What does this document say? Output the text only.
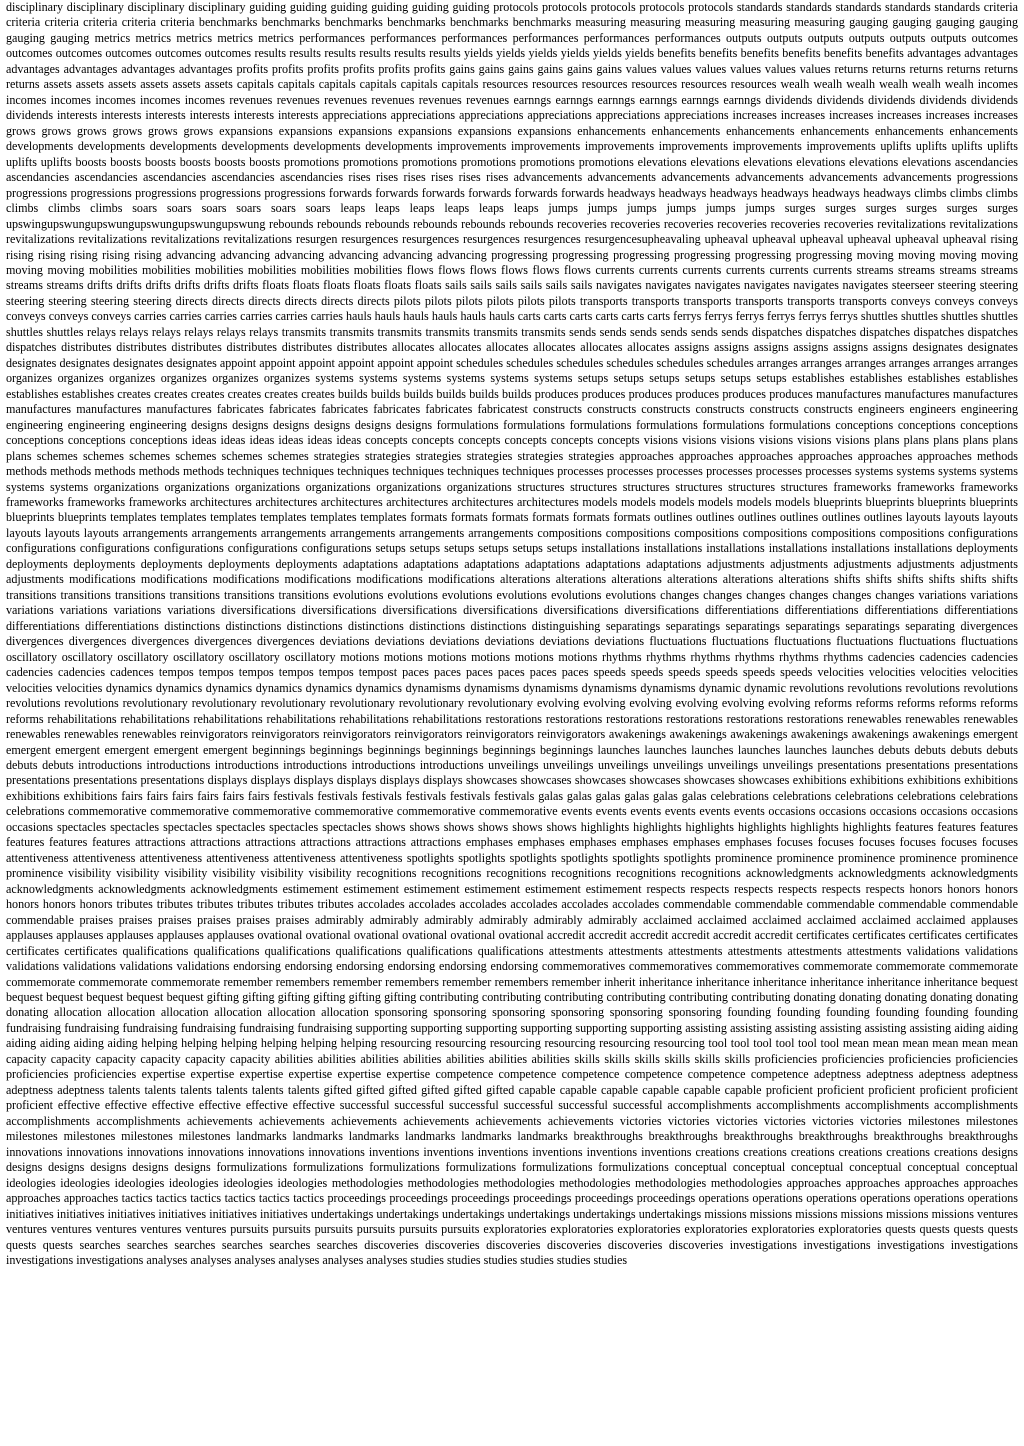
disciplinary disciplinary disciplinary disciplinary guiding guiding guiding guiding guiding guiding protocols protocols protocols protocols protocols standards standards standards standards standards criteria criteria criteria criteria criteria criteria benchmarks benchmarks benchmarks benchmarks benchmarks benchmarks measuring measuring measuring measuring measuring gauging gauging gauging gauging gauging gauging metrics metrics metrics metrics metrics performances performances performances performances performances performances outputs outputs outputs outputs outputs outputs outcomes outcomes outcomes outcomes outcomes outcomes results results results results results results yields yields yields yields yields yields benefits benefits benefits benefits benefits benefits advantages advantages advantages advantages advantages advantages profits profits profits profits profits profits gains gains gains gains gains gains values values values values values values returns returns returns returns returns returns assets assets assets assets assets assets capitals capitals capitals capitals capitals capitals resources resources resources resources resources resources wealh wealh wealh wealh wealh wealh incomes incomes incomes incomes incomes incomes revenues revenues revenues revenues revenues revenues earnngs earnngs earnngs earnngs earnngs earnngs dividends dividends dividends dividends dividends dividends interests interests interests interests interests interests appreciations appreciations appreciations appreciations appreciations appreciations increases increases increases increases increases increases grows grows grows grows grows grows expansions expansions expansions expansions expansions expansions enhancements enhancements enhancements enhancements enhancements enhancements developments developments developments developments developments developments improvements improvements improvements improvements improvements improvements uplifts uplifts uplifts uplifts uplifts uplifts boosts boosts boosts boosts boosts boosts promotions promotions promotions promotions promotions promotions elevations elevations elevations elevations elevations elevations ascendancies ascendancies ascendancies ascendancies ascendancies ascendancies rises rises rises rises rises rises advancements advancements advancements advancements advancements advancements progressions progressions progressions progressions progressions progressions forwards forwards forwards forwards forwards forwards headways headways headways headways headways headways climbs climbs climbs climbs climbs climbs soars soars soars soars soars soars leaps leaps leaps leaps leaps leaps jumps jumps jumps jumps jumps jumps surges surges surges surges surges surges upswingupswungupswungupswungupswungupswung rebounds rebounds rebounds rebounds rebounds rebounds recoveries recoveries recoveries recoveries recoveries recoveries revitalizations revitalizations revitalizations revitalizations revitalizations revitalizations resurgen resurgences resurgences resurgences resurgences resurgencesupheavaling upheaval upheaval upheaval upheaval upheaval upheaval rising rising rising rising rising rising advancing advancing advancing advancing advancing advancing progressing progressing progressing progressing progressing progressing moving moving moving moving moving moving mobilities mobilities mobilities mobilities mobilities mobilities flows flows flows flows flows flows currents currents currents currents currents currents streams streams streams streams streams streams drifts drifts drifts drifts drifts drifts floats floats floats floats floats floats sails sails sails sails sails sails navigates navigates navigates navigates navigates navigates steerseer steering steering steering steering steering steering directs directs directs directs directs directs pilots pilots pilots pilots pilots pilots transports transports transports transports transports transports conveys conveys conveys conveys conveys conveys carries carries carries carries carries carries hauls hauls hauls hauls hauls hauls carts carts carts carts carts carts ferrys ferrys ferrys ferrys ferrys ferrys shuttles shuttles shuttles shuttles shuttles shuttles relays relays relays relays relays relays transmits transmits transmits transmits transmits transmits sends sends sends sends sends sends dispatches dispatches dispatches dispatches dispatches dispatches distributes distributes distributes distributes distributes distributes allocates allocates allocates allocates allocates allocates assigns assigns assigns assigns assigns assigns designates designates designates designates designates designates appoint appoint appoint appoint appoint appoint schedules schedules schedules schedules schedules schedules arranges arranges arranges arranges arranges arranges organizes organizes organizes organizes organizes organizes systems systems systems systems systems systems setups setups setups setups setups setups establishes establishes establishes establishes establishes establishes creates creates creates creates creates creates builds builds builds builds builds builds produces produces produces produces produces produces manufactures manufactures manufactures manufactures manufactures manufactures fabricates fabricates fabricates fabricates fabricates fabricatest constructs constructs constructs constructs constructs constructs engineers engineers engineering engineering engineering engineering designs designs designs designs designs designs formulations formulations formulations formulations formulations formulations conceptions conceptions conceptions conceptions conceptions conceptions ideas ideas ideas ideas ideas ideas concepts concepts concepts concepts concepts concepts visions visions visions visions visions visions plans plans plans plans plans plans schemes schemes schemes schemes schemes schemes strategies strategies strategies strategies strategies strategies approaches approaches approaches approaches approaches approaches methods methods methods methods methods methods techniques techniques techniques techniques techniques techniques processes processes processes processes processes processes systems systems systems systems systems systems organizations organizations organizations organizations organizations organizations structures structures structures structures structures structures frameworks frameworks frameworks frameworks frameworks frameworks architectures architectures architectures architectures architectures architectures models models models models models models blueprints blueprints blueprints blueprints blueprints blueprints templates templates templates templates templates templates formats formats formats formats formats formats outlines outlines outlines outlines outlines outlines layouts layouts layouts layouts layouts layouts arrangements arrangements arrangements arrangements arrangements arrangements compositions compositions compositions compositions compositions compositions configurations configurations configurations configurations configurations configurations setups setups setups setups setups setups installations installations installations installations installations installations deployments deployments deployments deployments deployments deployments adaptations adaptations adaptations adaptations adaptations adaptations adjustments adjustments adjustments adjustments adjustments adjustments modifications modifications modifications modifications modifications modifications alterations alterations alterations alterations alterations alterations shifts shifts shifts shifts shifts shifts transitions transitions transitions transitions transitions transitions evolutions evolutions evolutions evolutions evolutions evolutions changes changes changes changes changes changes variations variations variations variations variations variations diversifications diversifications diversifications diversifications diversifications diversifications differentiations differentiations differentiations differentiations differentiations differentiations distinctions distinctions distinctions distinctions distinctions distinctions distinguishing separatings separatings separatings separatings separatings separating divergences divergences divergences divergences divergences divergences deviations deviations deviations deviations deviations deviations fluctuations fluctuations fluctuations fluctuations fluctuations fluctuations oscillatory oscillatory oscillatory oscillatory oscillatory oscillatory motions motions motions motions motions motions rhythms rhythms rhythms rhythms rhythms rhythms cadencies cadencies cadencies cadencies cadencies cadences tempos tempos tempos tempos tempos tempost paces paces paces paces paces paces speeds speeds speeds speeds speeds speeds velocities velocities velocities velocities velocities velocities dynamics dynamics dynamics dynamics dynamics dynamics dynamisms dynamisms dynamisms dynamisms dynamisms dynamic dynamic revolutions revolutions revolutions revolutions revolutions revolutions revolutionary revolutionary revolutionary revolutionary revolutionary revolutionary evolving evolving evolving evolving evolving evolving reforms reforms reforms reforms reforms reforms rehabilitations rehabilitations rehabilitations rehabilitations rehabilitations rehabilitations restorations restorations restorations restorations restorations restorations renewables renewables renewables renewables renewables renewables reinvigorators reinvigorators reinvigorators reinvigorators reinvigorators reinvigorators awakenings awakenings awakenings awakenings awakenings awakenings emergent emergent emergent emergent emergent emergent beginnings beginnings beginnings beginnings beginnings beginnings launches launches launches launches launches launches debuts debuts debuts debuts debuts debuts introductions introductions introductions introductions introductions introductions unveilings unveilings unveilings unveilings unveilings unveilings presentations presentations presentations presentations presentations presentations displays displays displays displays displays displays showcases showcases showcases showcases showcases showcases exhibitions exhibitions exhibitions exhibitions exhibitions exhibitions fairs fairs fairs fairs fairs fairs festivals festivals festivals festivals festivals festivals galas galas galas galas galas galas celebrations celebrations celebrations celebrations celebrations celebrations commemorative commemorative commemorative commemorative commemorative commemorative events events events events events events occasions occasions occasions occasions occasions occasions spectacles spectacles spectacles spectacles spectacles spectacles shows shows shows shows shows shows highlights highlights highlights highlights highlights highlights features features features features features features attractions attractions attractions attractions attractions attractions emphases emphases emphases emphases emphases emphases focuses focuses focuses focuses focuses focuses attentiveness attentiveness attentiveness attentiveness attentiveness attentiveness spotlights spotlights spotlights spotlights spotlights spotlights prominence prominence prominence prominence prominence prominence visibility visibility visibility visibility visibility visibility recognitions recognitions recognitions recognitions recognitions recognitions acknowledgments acknowledgments acknowledgments acknowledgments acknowledgments acknowledgments estimement estimement estimement estimement estimement estimement respects respects respects respects respects respects honors honors honors honors honors honors tributes tributes tributes tributes tributes tributes accolades accolades accolades accolades accolades accolades commendable commendable commendable commendable commendable commendable praises praises praises praises praises praises admirably admirably admirably admirably admirably admirably acclaimed acclaimed acclaimed acclaimed acclaimed acclaimed applauses applauses applauses applauses applauses applauses ovational ovational ovational ovational ovational ovational accredit accredit accredit accredit accredit accredit certificates certificates certificates certificates certificates certificates qualifications qualifications qualifications qualifications qualifications qualifications attestments attestments attestments attestments attestments attestments validations validations validations validations validations validations endorsing endorsing endorsing endorsing endorsing endorsing commemoratives commemoratives commemoratives commemorate commemorate commemorate commemorate commemorate commemorate remember remembers remember remembers remember remembers remember inherit inheritance inheritance inheritance inheritance inheritance inheritance bequest bequest bequest bequest bequest bequest gifting gifting gifting gifting gifting gifting contributing contributing contributing contributing contributing contributing donating donating donating donating donating donating allocation allocation allocation allocation allocation allocation sponsoring sponsoring sponsoring sponsoring sponsoring sponsoring founding founding founding founding founding founding fundraising fundraising fundraising fundraising fundraising fundraising supporting supporting supporting supporting supporting supporting assisting assisting assisting assisting assisting assisting aiding aiding aiding aiding aiding aiding helping helping helping helping helping helping resourcing resourcing resourcing resourcing resourcing resourcing tool tool tool tool tool tool mean mean mean mean mean mean capacity capacity capacity capacity capacity capacity abilities abilities abilities abilities abilities abilities abilities skills skills skills skills skills skills proficiencies proficiencies proficiencies proficiencies proficiencies proficiencies expertise expertise expertise expertise expertise expertise competence competence competence competence competence competence adeptness adeptness adeptness adeptness adeptness adeptness talents talents talents talents talents talents gifted gifted gifted gifted gifted gifted capable capable capable capable capable capable proficient proficient proficient proficient proficient proficient effective effective effective effective effective effective successful successful successful successful successful successful accomplishments accomplishments accomplishments accomplishments accomplishments accomplishments achievements achievements achievements achievements achievements achievements victories victories victories victories victories victories milestones milestones milestones milestones milestones milestones landmarks landmarks landmarks landmarks landmarks landmarks breakthroughs breakthroughs breakthroughs breakthroughs breakthroughs breakthroughs innovations innovations innovations innovations innovations innovations inventions inventions inventions inventions inventions inventions creations creations creations creations creations creations designs designs designs designs designs designs formulizations formulizations formulizations formulizations formulizations formulizations conceptual conceptual conceptual conceptual conceptual conceptual ideologies ideologies ideologies ideologies ideologies ideologies methodologies methodologies methodologies methodologies methodologies methodologies approaches approaches approaches approaches approaches approaches tactics tactics tactics tactics tactics tactics proceedings proceedings proceedings proceedings proceedings proceedings operations operations operations operations operations operations initiatives initiatives initiatives initiatives initiatives initiatives undertakings undertakings undertakings undertakings undertakings undertakings missions missions missions missions missions missions ventures ventures ventures ventures ventures ventures pursuits pursuits pursuits pursuits pursuits pursuits exploratories exploratories exploratories exploratories exploratories exploratories quests quests quests quests quests quests searches searches searches searches searches searches discoveries discoveries discoveries discoveries discoveries discoveries investigations investigations investigations investigations investigations investigations analyses analyses analyses analyses analyses analyses studies studies studies studies studies studies
